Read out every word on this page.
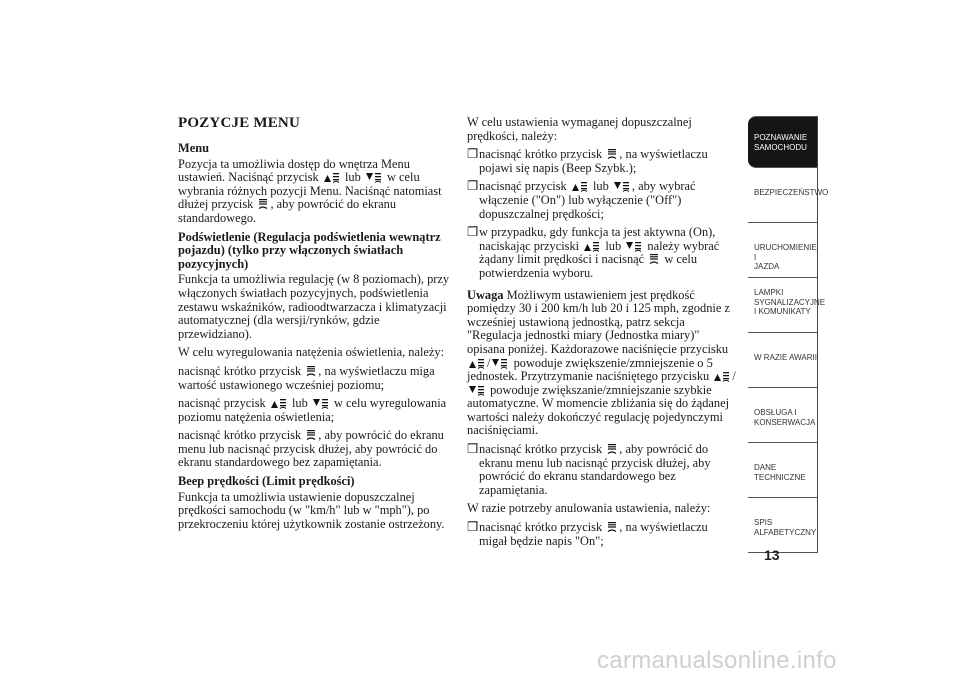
POZYCJE MENU
Menu

Pozycja ta umożliwia dostęp do wnętrza Menu ustawień. Naciśnąć przycisk lub w celu wybrania różnych pozycji Menu. Naciśnąć natomiast dłużej przycisk , aby powrócić do ekranu standardowego.

Podświetlenie (Regulacja podświetlenia wewnątrz pojazdu) (tylko przy włączonych światłach pozycyjnych)

Funkcja ta umożliwia regulację (w 8 poziomach), przy włączonych światłach pozycyjnych, podświetlenia zestawu wskaźników, radioodtwarzacza i klimatyzacji automatycznej (dla wersji/rynków, gdzie przewidziano).

W celu wyregulowania natężenia oświetlenia, należy:

nacisnąć krótko przycisk , na wyświetlaczu miga wartość ustawionego wcześniej poziomu;

nacisnąć przycisk lub w celu wyregulowania poziomu natężenia oświetlenia;

nacisnąć krótko przycisk , aby powrócić do ekranu menu lub nacisnąć przycisk dłużej, aby powrócić do ekranu standardowego bez zapamiętania.

Beep prędkości (Limit prędkości)

Funkcja ta umożliwia ustawienie dopuszczalnej prędkości samochodu (w "km/h" lub w "mph"), po przekroczeniu której użytkownik zostanie ostrzeżony.

W celu ustawienia wymaganej dopuszczalnej prędkości, należy:

❒ nacisnąć krótko przycisk , na wyświetlaczu pojawi się napis (Beep Szybk.);
❒ nacisnąć przycisk lub , aby wybrać włączenie ("On") lub wyłączenie ("Off") dopuszczalnej prędkości;
❒ w przypadku, gdy funkcja ta jest aktywna (On), naciskając przyciski lub należy wybrać żądany limit prędkości i nacisnąć w celu potwierdzenia wyboru.

Uwaga Możliwym ustawieniem jest prędkość pomiędzy 30 i 200 km/h lub 20 i 125 mph, zgodnie z wcześniej ustawioną jednostką, patrz sekcja "Regulacja jednostki miary (Jednostka miary)" opisana poniżej. Każdorazowe naciśnięcie przycisku / powoduje zwiększenie/zmniejszenie o 5 jednostek. Przytrzymanie naciśniętego przycisku / powoduje zwiększanie/zmniejszanie szybkie automatyczne. W momencie zbliżania się do żądanej wartości należy dokończyć regulację pojedynczymi naciśnięciami.

❒ nacisnąć krótko przycisk , aby powrócić do ekranu menu lub nacisnąć przycisk dłużej, aby powrócić do ekranu standardowego bez zapamiętania.

W razie potrzeby anulowania ustawienia, należy:

❒ nacisnąć krótko przycisk , na wyświetlaczu migał będzie napis "On";
POZNAWANIE
SAMOCHODU
BEZPIECZEŃSTWO
URUCHOMIENIE I
JAZDA
LAMPKI
SYGNALIZACYJNE
I KOMUNIKATY
W RAZIE AWARII
OBSŁUGA I
KONSERWACJA
DANE
TECHNICZNE
SPIS
ALFABETYCZNY
13
carmanualsonline.info
